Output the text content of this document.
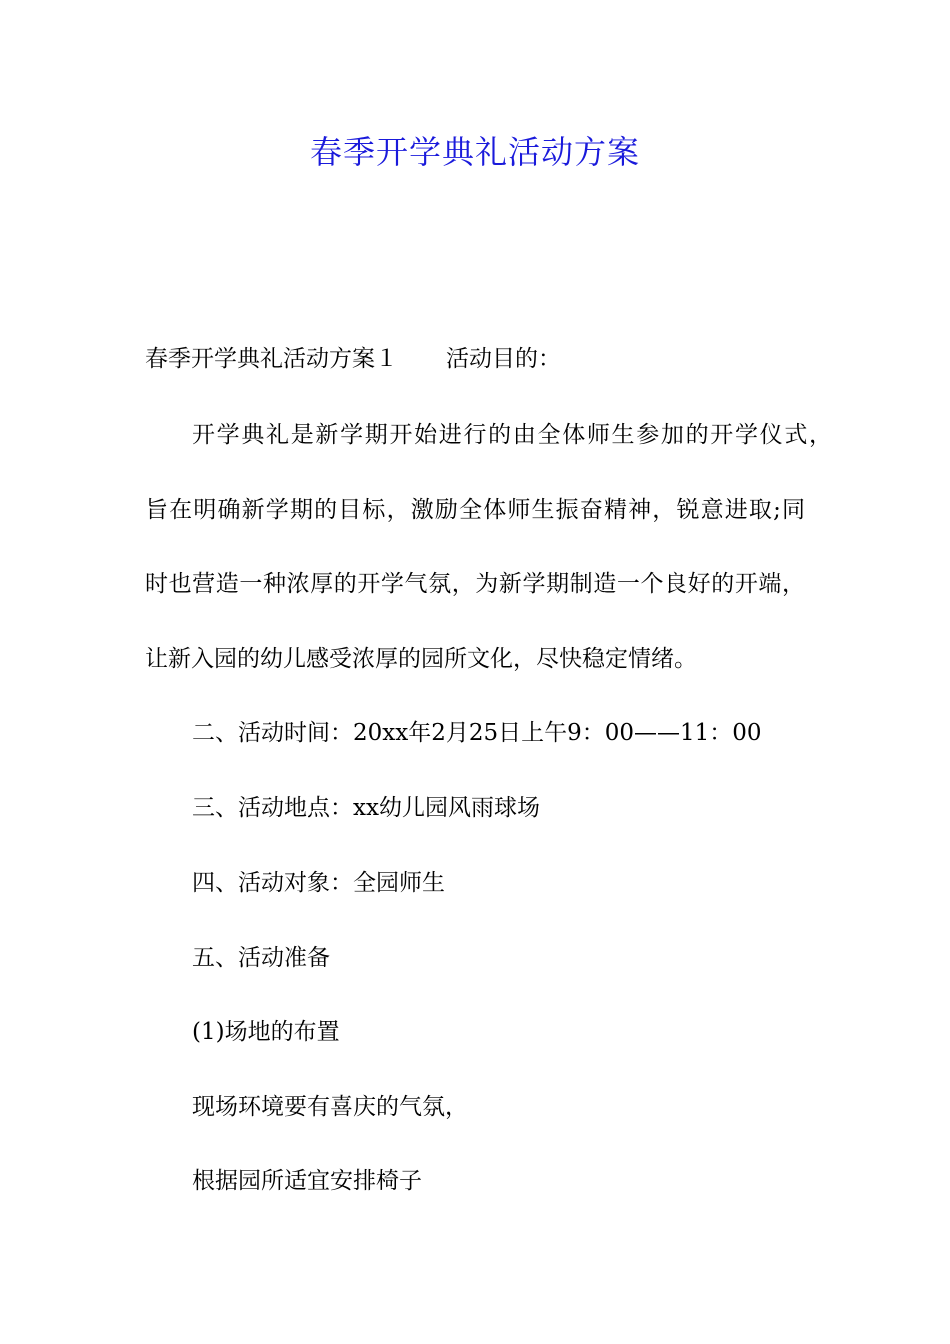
春季开学典礼活动方案

春季开学典礼活动方案１ 活动目的：

开学典礼是新学期开始进行的由全体师生参加的开学仪式，

旨在明确新学期的目标，激励全体师生振奋精神，锐意进取;同

时也营造一种浓厚的开学气氛，为新学期制造一个良好的开端，

让新入园的幼儿感受浓厚的园所文化，尽快稳定情绪。

二、活动时间：20xx年2月25日上午9：00——11：00

三、活动地点：xx幼儿园风雨球场

四、活动对象：全园师生

五、活动准备

(1)场地的布置

现场环境要有喜庆的气氛，

根据园所适宜安排椅子
